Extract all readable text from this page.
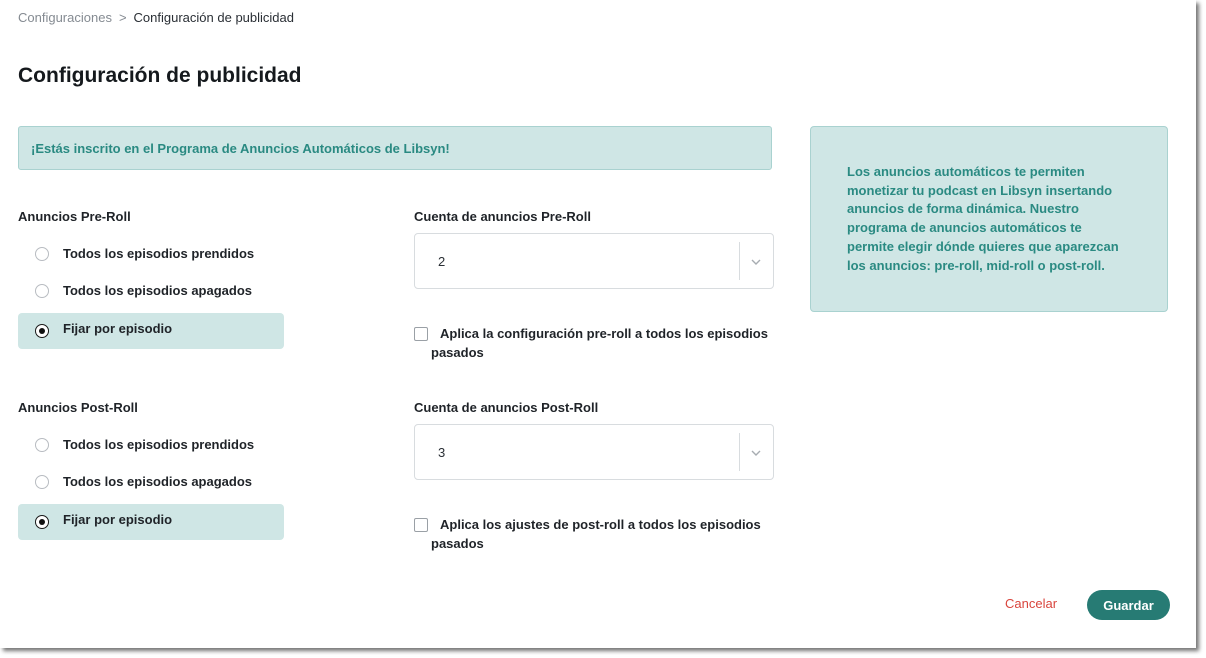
Configuraciones > Configuración de publicidad
Configuración de publicidad
¡Estás inscrito en el Programa de Anuncios Automáticos de Libsyn!
Los anuncios automáticos te permiten monetizar tu podcast en Libsyn insertando anuncios de forma dinámica. Nuestro programa de anuncios automáticos te permite elegir dónde quieres que aparezcan los anuncios: pre-roll, mid-roll o post-roll.
Anuncios Pre-Roll
Todos los episodios prendidos
Todos los episodios apagados
Fijar por episodio
Cuenta de anuncios Pre-Roll
2
Aplica la configuración pre-roll a todos los episodios pasados
Anuncios Post-Roll
Todos los episodios prendidos
Todos los episodios apagados
Fijar por episodio
Cuenta de anuncios Post-Roll
3
Aplica los ajustes de post-roll a todos los episodios pasados
Cancelar	Guardar
